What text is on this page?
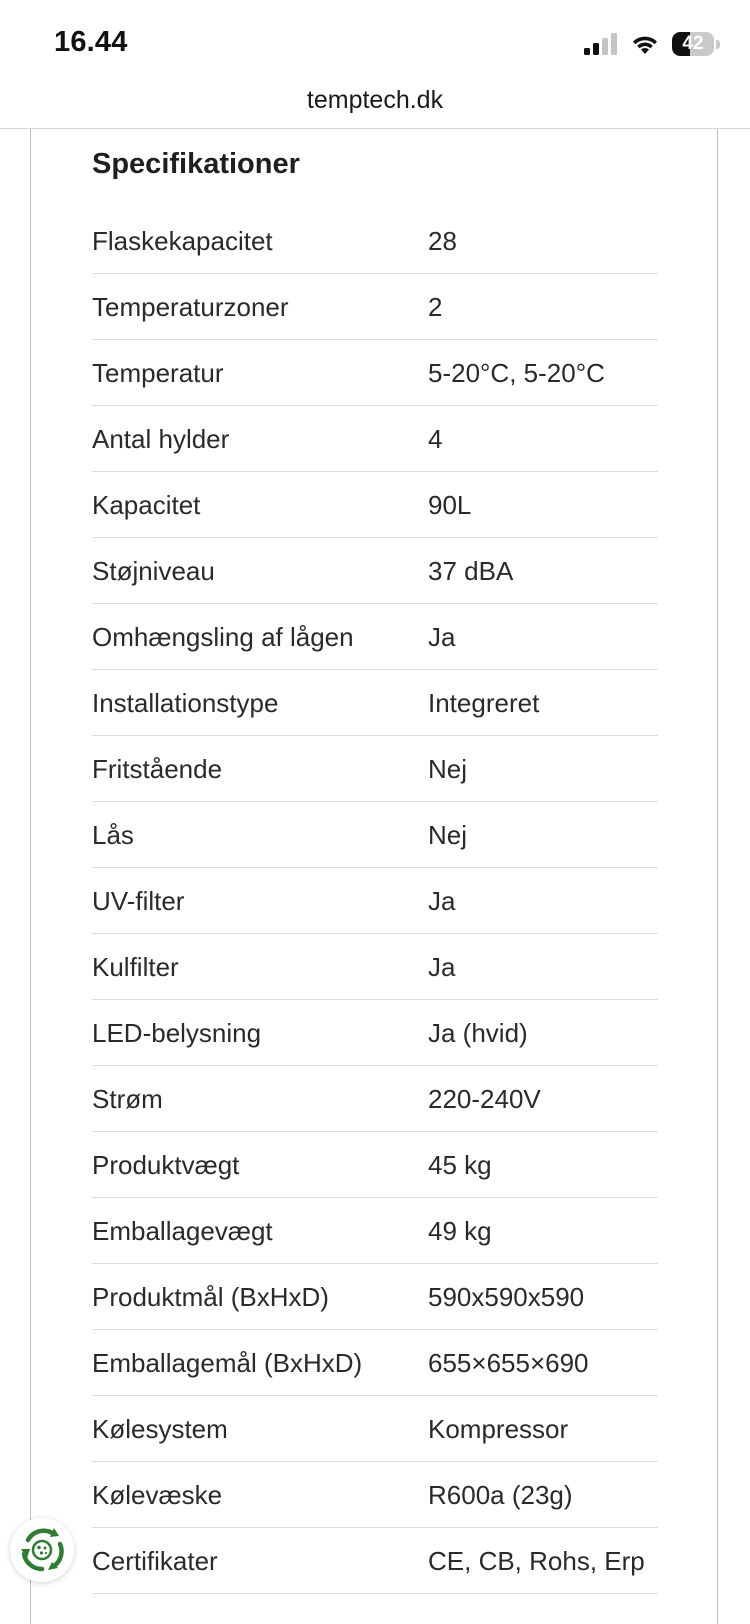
16.44	42
temptech.dk
Specifikationer
Flaskekapacitet	28
Temperaturzoner	2
Temperatur	5-20°C, 5-20°C
Antal hylder	4
Kapacitet	90L
Støjniveau	37 dBA
Omhængsling af lågen	Ja
Installationstype	Integreret
Fritstående	Nej
Lås	Nej
UV-filter	Ja
Kulfilter	Ja
LED-belysning	Ja (hvid)
Strøm	220-240V
Produktvægt	45 kg
Emballagevægt	49 kg
Produktmål (BxHxD)	590x590x590
Emballagemål (BxHxD)	655×655×690
Kølesystem	Kompressor
Kølevæske	R600a (23g)
Certifikater	CE, CB, Rohs, Erp
